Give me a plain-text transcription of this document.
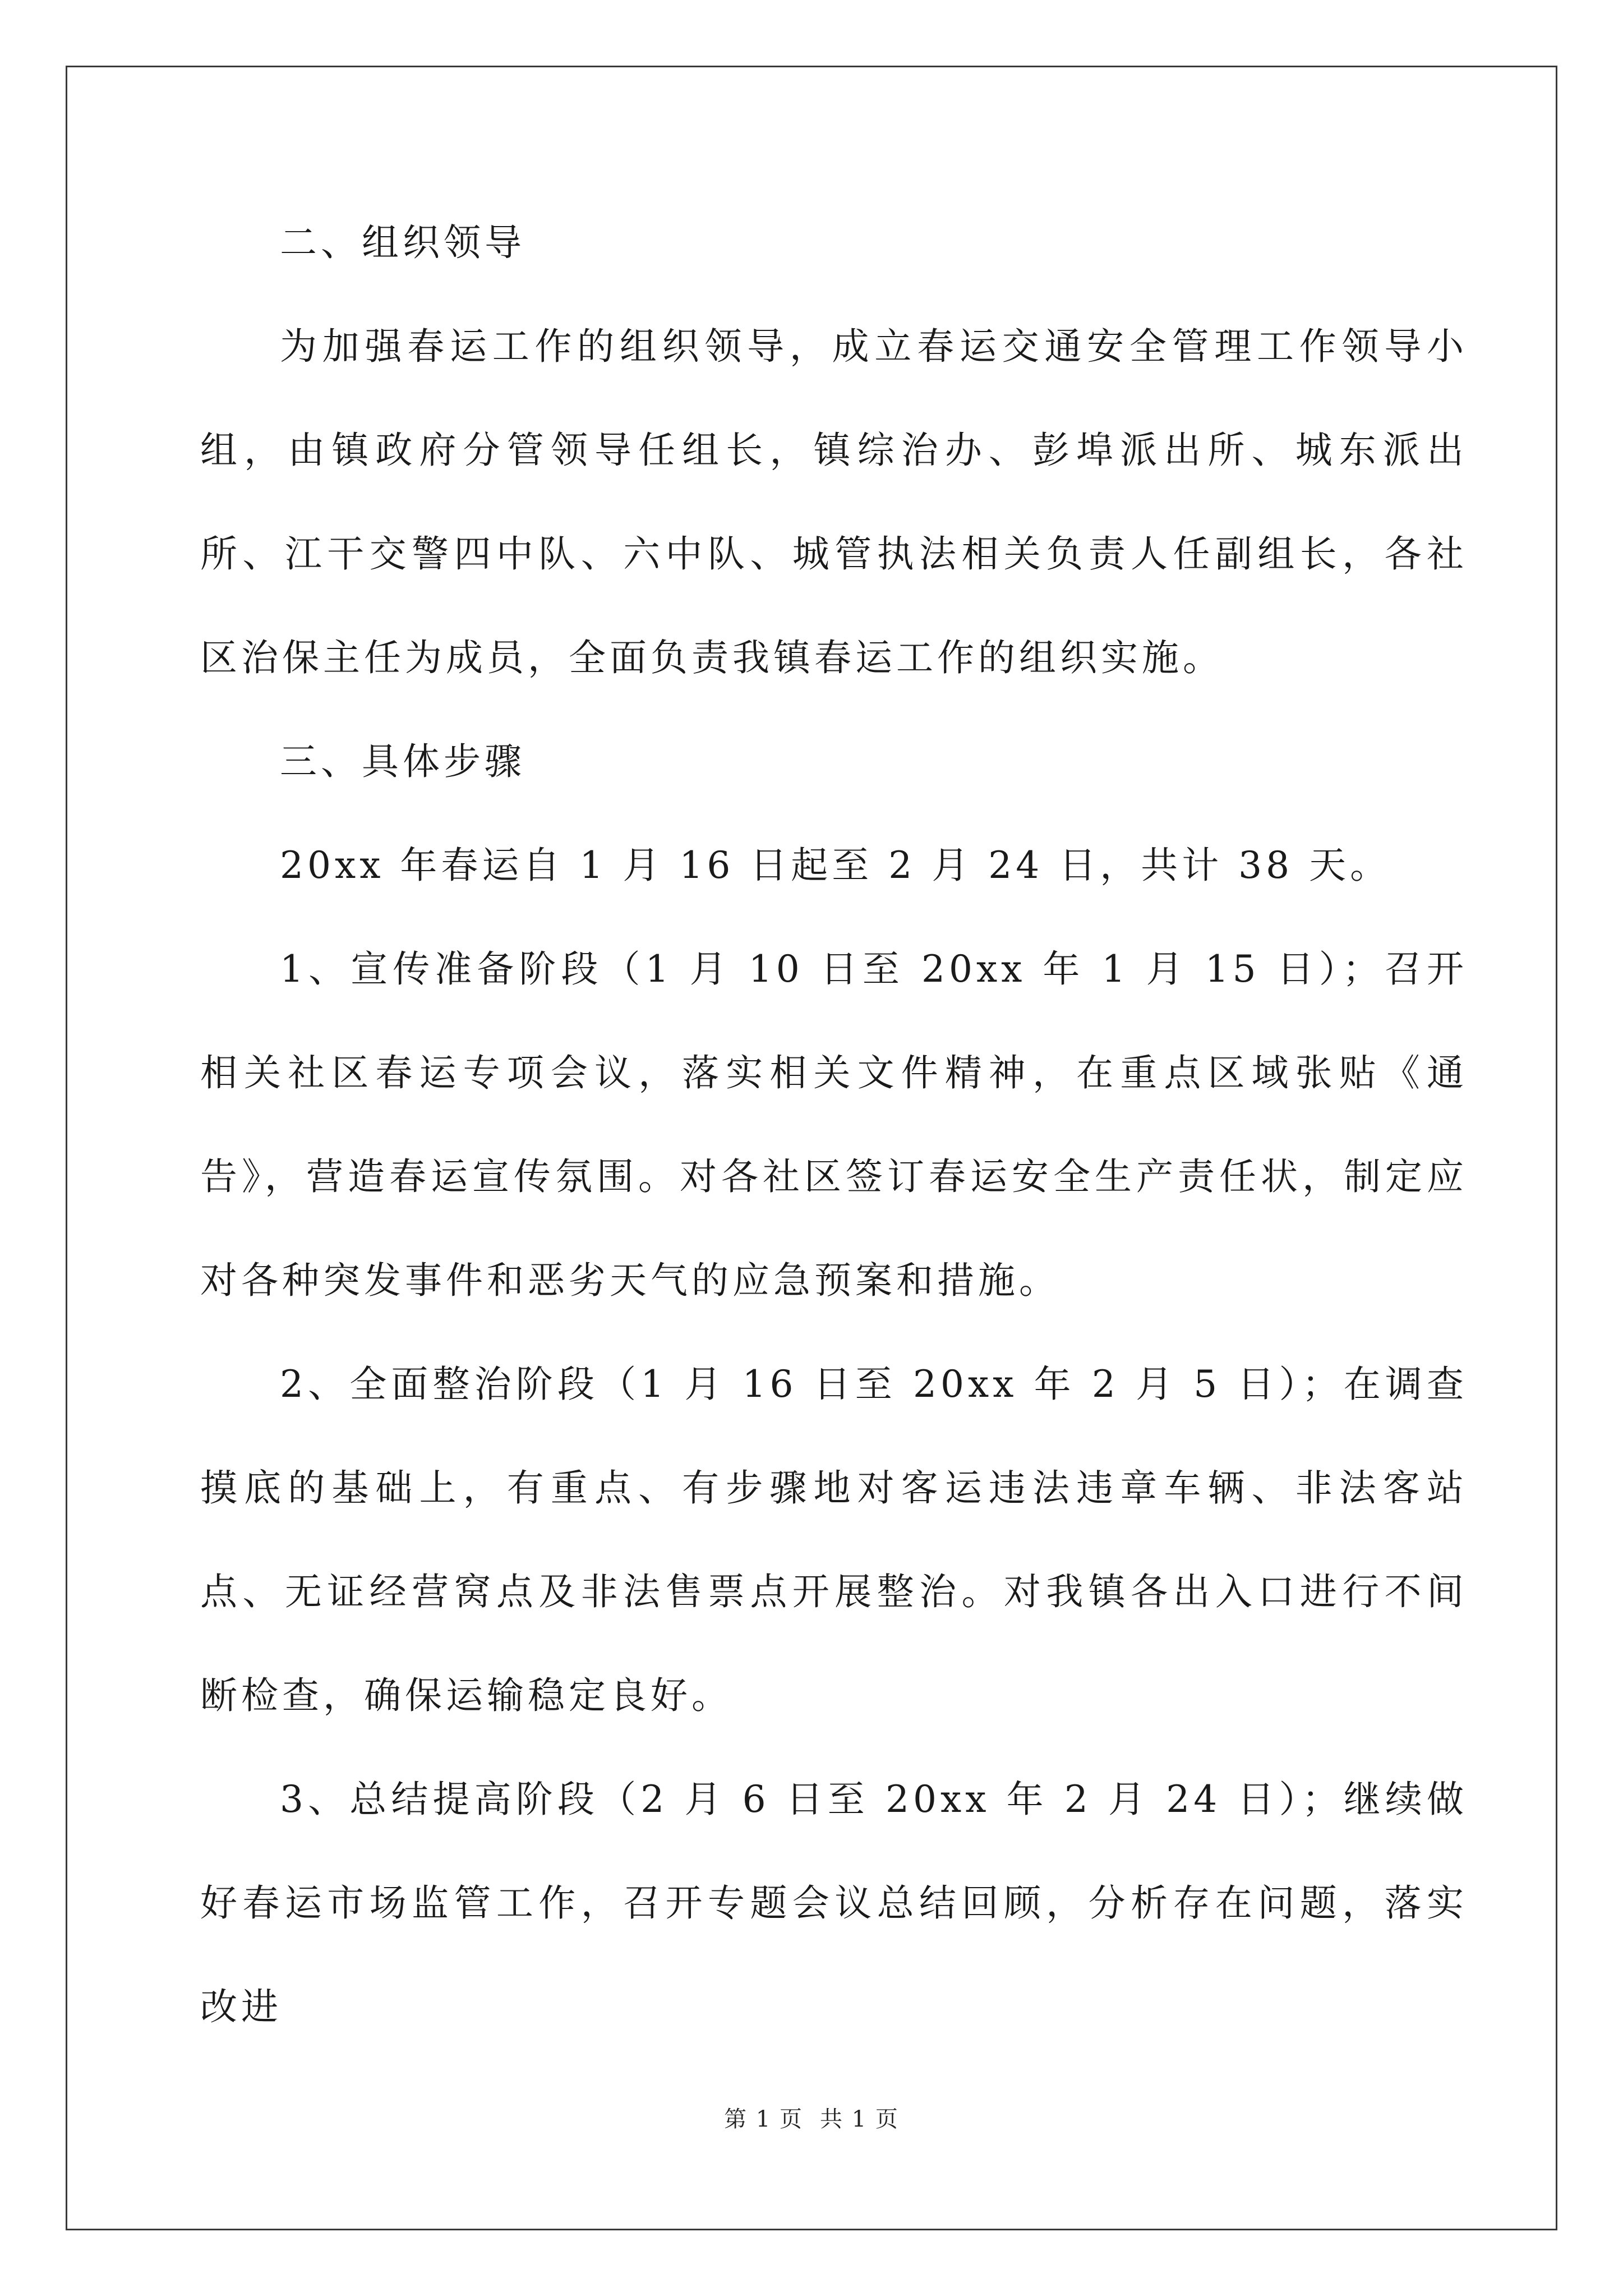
二、组织领导

为加强春运工作的组织领导，成立春运交通安全管理工作领导小组，由镇政府分管领导任组长，镇综治办、彭埠派出所、城东派出所、江干交警四中队、六中队、城管执法相关负责人任副组长，各社区治保主任为成员，全面负责我镇春运工作的组织实施。

三、具体步骤

20xx 年春运自 1 月 16 日起至 2 月 24 日，共计 38 天。

1、宣传准备阶段（1 月 10 日至 20xx 年 1 月 15 日）；召开相关社区春运专项会议，落实相关文件精神，在重点区域张贴《通告》，营造春运宣传氛围。对各社区签订春运安全生产责任状，制定应对各种突发事件和恶劣天气的应急预案和措施。

2、全面整治阶段（1 月 16 日至 20xx 年 2 月 5 日）；在调查摸底的基础上，有重点、有步骤地对客运违法违章车辆、非法客站点、无证经营窝点及非法售票点开展整治。对我镇各出入口进行不间断检查，确保运输稳定良好。

3、总结提高阶段（2 月 6 日至 20xx 年 2 月 24 日）；继续做好春运市场监管工作，召开专题会议总结回顾，分析存在问题，落实改进

第 1 页 共 1 页
